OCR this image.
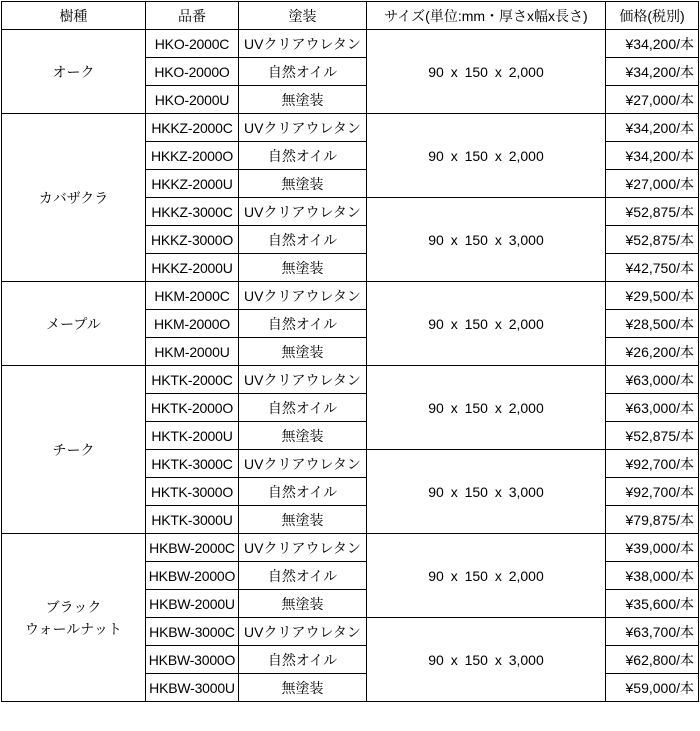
樹種	品番	塗装	サイズ(単位:mm・厚さx幅x長さ)	価格(税別)

オーク	HKO-2000C	UVクリアウレタン	90 x 150 x 2,000	¥34,200/本
	HKO-2000O	自然オイル		¥34,200/本
	HKO-2000U	無塗装		¥27,000/本

カバザクラ	HKKZ-2000C	UVクリアウレタン	90 x 150 x 2,000	¥34,200/本
	HKKZ-2000O	自然オイル		¥34,200/本
	HKKZ-2000U	無塗装		¥27,000/本
	HKKZ-3000C	UVクリアウレタン	90 x 150 x 3,000	¥52,875/本
	HKKZ-3000O	自然オイル		¥52,875/本
	HKKZ-2000U	無塗装		¥42,750/本

メープル	HKM-2000C	UVクリアウレタン	90 x 150 x 2,000	¥29,500/本
	HKM-2000O	自然オイル		¥28,500/本
	HKM-2000U	無塗装		¥26,200/本

チーク	HKTK-2000C	UVクリアウレタン	90 x 150 x 2,000	¥63,000/本
	HKTK-2000O	自然オイル		¥63,000/本
	HKTK-2000U	無塗装		¥52,875/本
	HKTK-3000C	UVクリアウレタン	90 x 150 x 3,000	¥92,700/本
	HKTK-3000O	自然オイル		¥92,700/本
	HKTK-3000U	無塗装		¥79,875/本

ブラック
ウォールナット	HKBW-2000C	UVクリアウレタン	90 x 150 x 2,000	¥39,000/本
	HKBW-2000O	自然オイル		¥38,000/本
	HKBW-2000U	無塗装		¥35,600/本
	HKBW-3000C	UVクリアウレタン	90 x 150 x 3,000	¥63,700/本
	HKBW-3000O	自然オイル		¥62,800/本
	HKBW-3000U	無塗装		¥59,000/本
